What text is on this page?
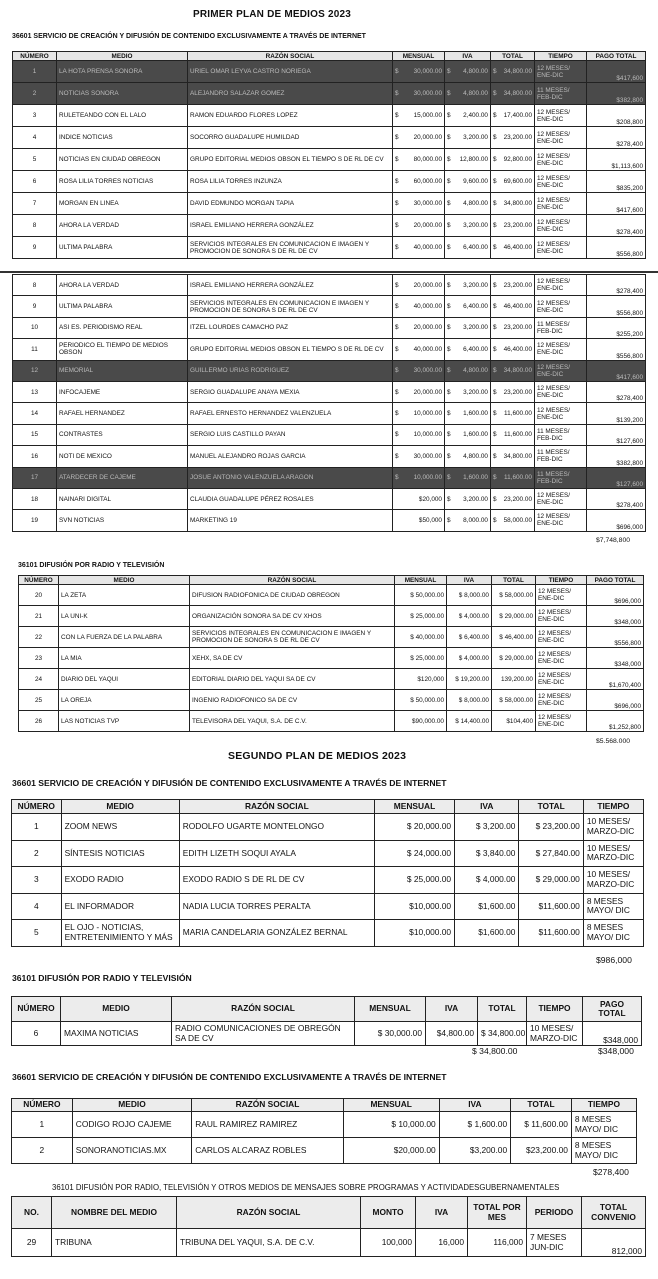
PRIMER PLAN DE MEDIOS 2023
36601 SERVICIO DE CREACIÓN Y DIFUSIÓN DE CONTENIDO EXCLUSIVAMENTE A TRAVÉS DE INTERNET
NÚMERO	MEDIO	RAZÓN SOCIAL	MENSUAL	IVA	TOTAL	TIEMPO	PAGO TOTAL
1	LA HOTA PRENSA SONORA	URIEL OMAR LEYVA CASTRO NORIEGA	$ 30,000.00	$ 4,800.00	$ 34,800.00	12 MESES/ ENE-DIC	$417,600
2	NOTICIAS SONORA	ALEJANDRO SALAZAR GOMEZ	$ 30,000.00	$ 4,800.00	$ 34,800.00	11 MESES/ FEB-DIC	$382,800
3	RULETEANDO CON EL LALO	RAMON EDUARDO FLORES LOPEZ	$ 15,000.00	$ 2,400.00	$ 17,400.00	12 MESES/ ENE-DIC	$208,800
4	INDICE NOTICIAS	SOCORRO GUADALUPE HUMILDAD	$ 20,000.00	$ 3,200.00	$ 23,200.00	12 MESES/ ENE-DIC	$278,400
5	NOTICIAS EN CIUDAD OBREGON	GRUPO EDITORIAL MEDIOS OBSON EL TIEMPO S DE RL DE CV	$ 80,000.00	$ 12,800.00	$ 92,800.00	12 MESES/ ENE-DIC	$1,113,600
6	ROSA LILIA TORRES NOTICIAS	ROSA LILIA TORRES INZUNZA	$ 60,000.00	$ 9,600.00	$ 69,600.00	12 MESES/ ENE-DIC	$835,200
7	MORGAN EN LINEA	DAVID EDMUNDO MORGAN TAPIA	$ 30,000.00	$ 4,800.00	$ 34,800.00	12 MESES/ ENE-DIC	$417,600
8	AHORA LA VERDAD	ISRAEL EMILIANO HERRERA GONZÁLEZ	$ 20,000.00	$ 3,200.00	$ 23,200.00	12 MESES/ ENE-DIC	$278,400
9	ULTIMA PALABRA	SERVICIOS INTEGRALES EN COMUNICACION E IMAGEN Y PROMOCION DE SONORA S DE RL DE CV	$ 40,000.00	$ 6,400.00	$ 46,400.00	12 MESES/ ENE-DIC	$556,800
8	AHORA LA VERDAD	ISRAEL EMILIANO HERRERA GONZÁLEZ	$ 20,000.00	$ 3,200.00	$ 23,200.00	12 MESES/ ENE-DIC	$278,400
9	ULTIMA PALABRA	SERVICIOS INTEGRALES EN COMUNICACION E IMAGEN Y PROMOCION DE SONORA S DE RL DE CV	$ 40,000.00	$ 6,400.00	$ 46,400.00	12 MESES/ ENE-DIC	$556,800
10	ASI ES. PERIODISMO REAL	ITZEL LOURDES CAMACHO PAZ	$ 20,000.00	$ 3,200.00	$ 23,200.00	11 MESES/ FEB-DIC	$255,200
11	PERIODICO EL TIEMPO DE MEDIOS OBSON	GRUPO EDITORIAL MEDIOS OBSON EL TIEMPO S DE RL DE CV	$ 40,000.00	$ 6,400.00	$ 46,400.00	12 MESES/ ENE-DIC	$556,800
12	MEMORIAL	GUILLERMO URIAS RODRIGUEZ	$ 30,000.00	$ 4,800.00	$ 34,800.00	12 MESES/ ENE-DIC	$417,600
13	INFOCAJEME	SERGIO GUADALUPE ANAYA MEXIA	$ 20,000.00	$ 3,200.00	$ 23,200.00	12 MESES/ ENE-DIC	$278,400
14	RAFAEL HERNANDEZ	RAFAEL ERNESTO HERNANDEZ VALENZUELA	$ 10,000.00	$ 1,600.00	$ 11,600.00	12 MESES/ ENE-DIC	$139,200
15	CONTRASTES	SERGIO LUIS CASTILLO PAYAN	$ 10,000.00	$ 1,600.00	$ 11,600.00	11 MESES/ FEB-DIC	$127,600
16	NOTI DE MEXICO	MANUEL ALEJANDRO ROJAS GARCIA	$ 30,000.00	$ 4,800.00	$ 34,800.00	11 MESES/ FEB-DIC	$382,800
17	ATARDECER DE CAJEME	JOSUE ANTONIO VALENZUELA ARAGON	$ 10,000.00	$ 1,600.00	$ 11,600.00	11 MESES/ FEB-DIC	$127,600
18	NAINARI DIGITAL	CLAUDIA GUADALUPE PÉREZ ROSALES	$20,000	$ 3,200.00	$ 23,200.00	12 MESES/ ENE-DIC	$278,400
19	SVN NOTICIAS	MARKETING 19	$50,000	$ 8,000.00	$ 58,000.00	12 MESES/ ENE-DIC	$696,000
$7,748,800
36101 DIFUSIÓN POR RADIO Y TELEVISIÓN
NÚMERO	MEDIO	RAZÓN SOCIAL	MENSUAL	IVA	TOTAL	TIEMPO	PAGO TOTAL
20	LA ZETA	DIFUSION RADIOFONICA DE CIUDAD OBREGON	$ 50,000.00	$ 8,000.00	$ 58,000.00	12 MESES/ ENE-DIC	$696,000
21	LA UNI-K	ORGANIZACIÓN SONORA SA DE CV XHOS	$ 25,000.00	$ 4,000.00	$ 29,000.00	12 MESES/ ENE-DIC	$348,000
22	CON LA FUERZA DE LA PALABRA	SERVICIOS INTEGRALES EN COMUNICACION E IMAGEN Y PROMOCION DE SONORA S DE RL DE CV	$ 40,000.00	$ 6,400.00	$ 46,400.00	12 MESES/ ENE-DIC	$556,800
23	LA MIA	XEHX, SA DE CV	$ 25,000.00	$ 4,000.00	$ 29,000.00	12 MESES/ ENE-DIC	$348,000
24	DIARIO DEL YAQUI	EDITORIAL DIARIO DEL YAQUI SA DE CV	$120,000	$ 19,200.00	139,200.00	12 MESES/ ENE-DIC	$1,670,400
25	LA OREJA	INGENIO RADIOFONICO SA DE CV	$ 50,000.00	$ 8,000.00	$ 58,000.00	12 MESES/ ENE-DIC	$696,000
26	LAS NOTICIAS TVP	TELEVISORA DEL YAQUI, S.A. DE C.V.	$90,000.00	$ 14,400.00	$104,400	12 MESES/ ENE-DIC	$1,252,800
$5,568,000
SEGUNDO PLAN DE MEDIOS 2023
36601 SERVICIO DE CREACIÓN Y DIFUSIÓN DE CONTENIDO EXCLUSIVAMENTE A TRAVÉS DE INTERNET
NÚMERO	MEDIO	RAZÓN SOCIAL	MENSUAL	IVA	TOTAL	TIEMPO	
1	ZOOM NEWS	RODOLFO UGARTE MONTELONGO	$ 20,000.00	$ 3,200.00	$ 23,200.00	10 MESES/ MARZO-DIC	
2	SÍNTESIS NOTICIAS	EDITH LIZETH SOQUI AYALA	$ 24,000.00	$ 3,840.00	$ 27,840.00	10 MESES/ MARZO-DIC	
3	EXODO RADIO	EXODO RADIO S DE RL DE CV	$ 25,000.00	$ 4,000.00	$ 29,000.00	10 MESES/ MARZO-DIC	
4	EL INFORMADOR	NADIA LUCIA TORRES PERALTA	$10,000.00	$1,600.00	$11,600.00	8 MESES MAYO/ DIC	
5	EL OJO - NOTICIAS, ENTRETENIMIENTO Y MÁS	MARIA CANDELARIA GONZÁLEZ BERNAL	$10,000.00	$1,600.00	$11,600.00	8 MESES MAYO/ DIC	
$986,000
36101 DIFUSIÓN POR RADIO Y TELEVISIÓN
NÚMERO	MEDIO	RAZÓN SOCIAL	MENSUAL	IVA	TOTAL	TIEMPO	PAGO TOTAL
6	MAXIMA NOTICIAS	RADIO COMUNICACIONES DE OBREGÓN SA DE CV	$ 30,000.00	$4,800.00	$ 34,800.00	10 MESES/ MARZO-DIC	$348,000
$ 34,800.00	$348,000
36601 SERVICIO DE CREACIÓN Y DIFUSIÓN DE CONTENIDO EXCLUSIVAMENTE A TRAVÉS DE INTERNET
NÚMERO	MEDIO	RAZÓN SOCIAL	MENSUAL	IVA	TOTAL	TIEMPO	
1	CODIGO ROJO CAJEME	RAUL RAMIREZ RAMIREZ	$ 10,000.00	$ 1,600.00	$ 11,600.00	8 MESES MAYO/ DIC	
2	SONORANOTICIAS.MX	CARLOS ALCARAZ ROBLES	$20,000.00	$3,200.00	$23,200.00	8 MESES MAYO/ DIC	
$278,400
36101 DIFUSIÓN POR RADIO, TELEVISIÓN Y OTROS MEDIOS DE MENSAJES SOBRE PROGRAMAS Y ACTIVIDADESGUBERNAMENTALES
NO.	NOMBRE DEL MEDIO	RAZÓN SOCIAL	MONTO	IVA	TOTAL POR MES	PERIODO	TOTAL CONVENIO
29	TRIBUNA	TRIBUNA DEL YAQUI, S.A. DE C.V.	100,000	16,000	116,000	7 MESES JUN-DIC	812,000
